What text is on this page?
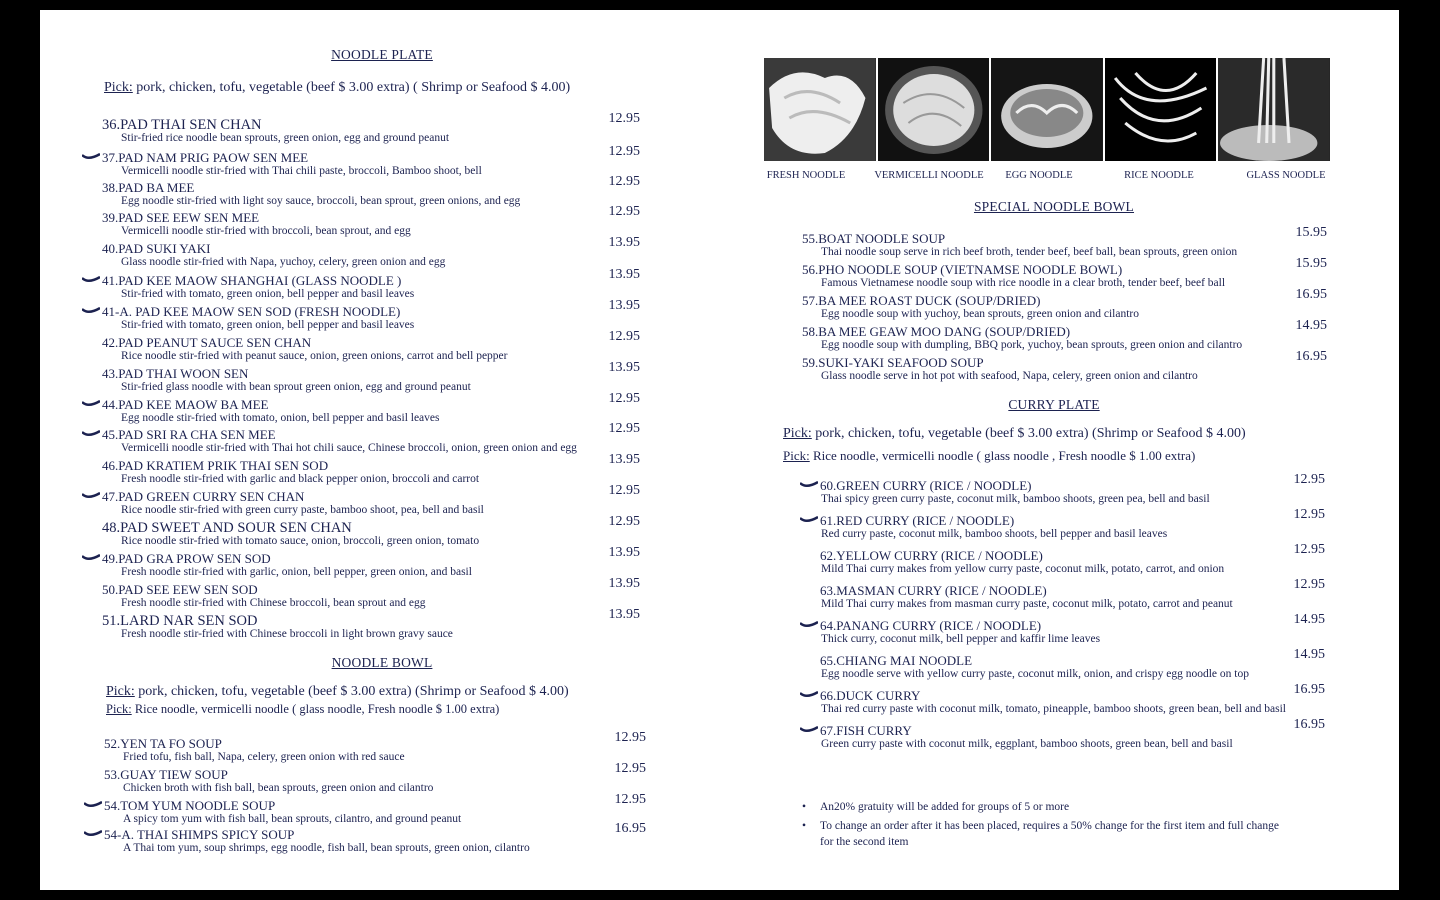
NOODLE PLATE
Pick: pork, chicken, tofu, vegetable (beef $ 3.00 extra) ( Shrimp or Seafood $ 4.00)
36.PAD THAI SEN CHAN
Stir-fried rice noodle bean sprouts, green onion, egg and ground peanut
12.95
37.PAD NAM PRIG PAOW SEN MEE
Vermicelli noodle stir-fried with Thai chili paste, broccoli, Bamboo shoot, bell
12.95
38.PAD BA MEE
Egg noodle stir-fried with light soy sauce, broccoli, bean sprout, green onions, and egg
12.95
39.PAD SEE EEW SEN MEE
Vermicelli noodle stir-fried with broccoli, bean sprout, and egg
12.95
40.PAD SUKI YAKI
Glass noodle stir-fried with Napa, yuchoy, celery, green onion and egg
13.95
41.PAD KEE MAOW SHANGHAI (GLASS NOODLE )
Stir-fried with tomato, green onion, bell pepper and basil leaves
13.95
41-A. PAD KEE MAOW SEN SOD (FRESH NOODLE)
Stir-fried with tomato, green onion, bell pepper and basil leaves
13.95
42.PAD PEANUT SAUCE SEN CHAN
Rice noodle stir-fried with peanut sauce, onion, green onions, carrot and bell pepper
12.95
43.PAD THAI WOON SEN
Stir-fried glass noodle with bean sprout green onion, egg and ground peanut
13.95
44.PAD KEE MAOW BA MEE
Egg noodle stir-fried with tomato, onion, bell pepper and basil leaves
12.95
45.PAD SRI RA CHA SEN MEE
Vermicelli noodle stir-fried with Thai hot chili sauce, Chinese broccoli, onion, green onion and egg
12.95
46.PAD KRATIEM PRIK THAI SEN SOD
Fresh noodle stir-fried with garlic and black pepper onion, broccoli and carrot
13.95
47.PAD GREEN CURRY SEN CHAN
Rice noodle stir-fried with green curry paste, bamboo shoot, pea, bell and basil
12.95
48.PAD SWEET AND SOUR SEN CHAN
Rice noodle stir-fried with tomato sauce, onion, broccoli, green onion, tomato
12.95
49.PAD GRA PROW SEN SOD
Fresh noodle stir-fried with garlic, onion, bell pepper, green onion, and basil
13.95
50.PAD SEE EEW SEN SOD
Fresh noodle stir-fried with Chinese broccoli, bean sprout and egg
13.95
51.LARD NAR SEN SOD
Fresh noodle stir-fried with Chinese broccoli in light brown gravy sauce
13.95
NOODLE BOWL
Pick: pork, chicken, tofu, vegetable (beef $ 3.00 extra) (Shrimp or Seafood $ 4.00)
Pick: Rice noodle, vermicelli noodle ( glass noodle, Fresh noodle $ 1.00 extra)
52.YEN TA FO SOUP
Fried tofu, fish ball, Napa, celery, green onion with red sauce
12.95
53.GUAY TIEW SOUP
Chicken broth with fish ball, bean sprouts, green onion and cilantro
12.95
54.TOM YUM NOODLE SOUP
A spicy tom yum with fish ball, bean sprouts, cilantro, and ground peanut
12.95
54-A. THAI SHIMPS SPICY SOUP
A Thai tom yum, soup shrimps, egg noodle, fish ball, bean sprouts, green onion, cilantro
16.95
FRESH NOODLE	VERMICELLI NOODLE	EGG NOODLE	RICE NOODLE	GLASS NOODLE
SPECIAL NOODLE BOWL
55.BOAT NOODLE SOUP
Thai noodle soup serve in rich beef broth, tender beef, beef ball, bean sprouts, green onion
15.95
56.PHO NOODLE SOUP (VIETNAMSE NOODLE BOWL)
Famous Vietnamese noodle soup with rice noodle in a clear broth, tender beef, beef ball
15.95
57.BA MEE ROAST DUCK (SOUP/DRIED)
Egg noodle soup with yuchoy, bean sprouts, green onion and cilantro
16.95
58.BA MEE GEAW MOO DANG (SOUP/DRIED)
Egg noodle soup with dumpling, BBQ pork, yuchoy, bean sprouts, green onion and cilantro
14.95
59.SUKI-YAKI SEAFOOD SOUP
Glass noodle serve in hot pot with seafood, Napa, celery, green onion and cilantro
16.95
CURRY PLATE
Pick: pork, chicken, tofu, vegetable (beef $ 3.00 extra) (Shrimp or Seafood $ 4.00)
Pick: Rice noodle, vermicelli noodle ( glass noodle , Fresh noodle $ 1.00 extra)
60.GREEN CURRY (RICE / NOODLE)
Thai spicy green curry paste, coconut milk, bamboo shoots, green pea, bell and basil
12.95
61.RED CURRY (RICE / NOODLE)
Red curry paste, coconut milk, bamboo shoots, bell pepper and basil leaves
12.95
62.YELLOW CURRY (RICE / NOODLE)
Mild Thai curry makes from yellow curry paste, coconut milk, potato, carrot, and onion
12.95
63.MASMAN CURRY (RICE / NOODLE)
Mild Thai curry makes from masman curry paste, coconut milk, potato, carrot and peanut
12.95
64.PANANG CURRY (RICE / NOODLE)
Thick curry, coconut milk, bell pepper and kaffir lime leaves
14.95
65.CHIANG MAI NOODLE
Egg noodle serve with yellow curry paste, coconut milk, onion, and crispy egg noodle on top
14.95
66.DUCK CURRY
Thai red curry paste with coconut milk, tomato, pineapple, bamboo shoots, green bean, bell and basil
16.95
67.FISH CURRY
Green curry paste with coconut milk, eggplant, bamboo shoots, green bean, bell and basil
16.95
• An20% gratuity will be added for groups of 5 or more
• To change an order after it has been placed, requires a 50% change for the first item and full change
for the second item
